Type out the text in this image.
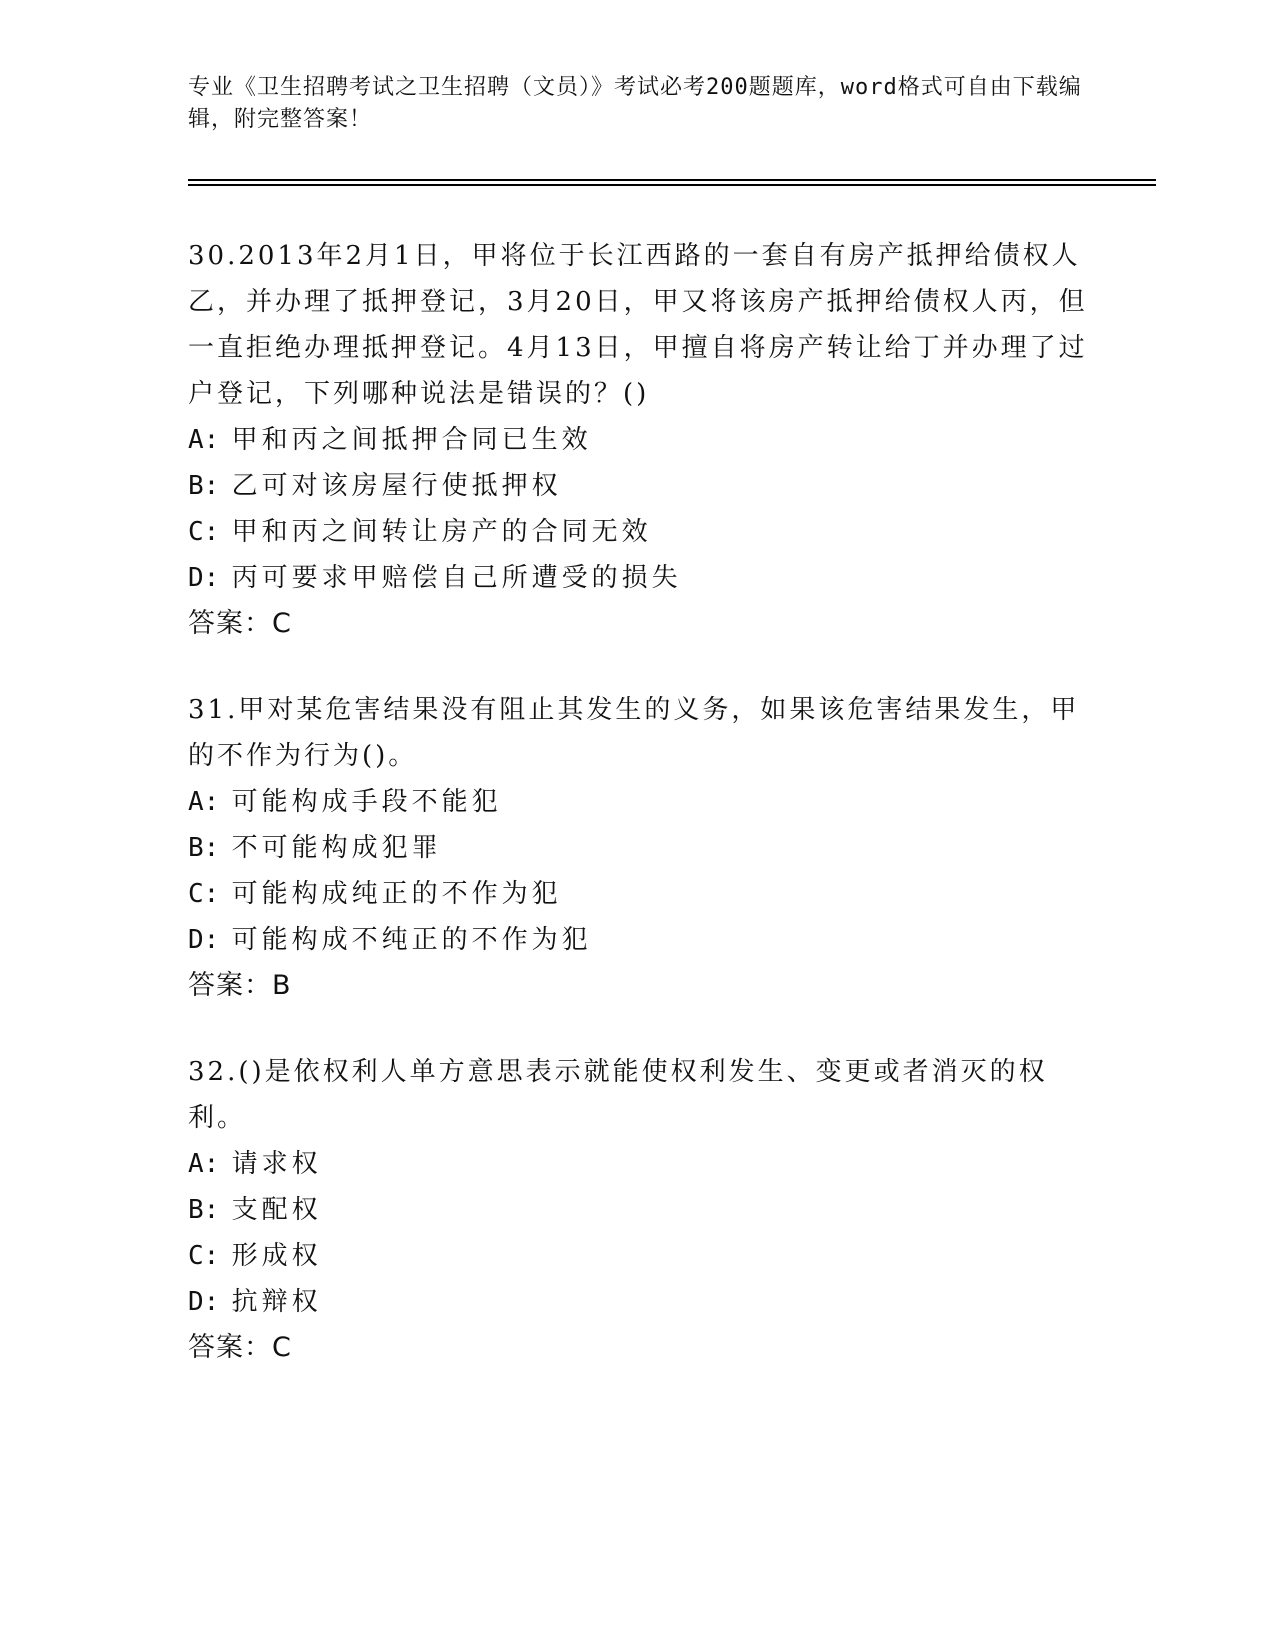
专业《卫生招聘考试之卫生招聘（文员）》考试必考200题题库，word格式可自由下载编辑，附完整答案！

30.2013年2月1日，甲将位于长江西路的一套自有房产抵押给债权人乙，并办理了抵押登记，3月20日，甲又将该房产抵押给债权人丙，但一直拒绝办理抵押登记。4月13日，甲擅自将房产转让给丁并办理了过户登记，下列哪种说法是错误的？()

A: 甲和丙之间抵押合同已生效

B: 乙可对该房屋行使抵押权

C: 甲和丙之间转让房产的合同无效

D: 丙可要求甲赔偿自己所遭受的损失

答案：C

31.甲对某危害结果没有阻止其发生的义务，如果该危害结果发生，甲的不作为行为()。

A: 可能构成手段不能犯

B: 不可能构成犯罪

C: 可能构成纯正的不作为犯

D: 可能构成不纯正的不作为犯

答案：B

32.()是依权利人单方意思表示就能使权利发生、变更或者消灭的权利。

A: 请求权

B: 支配权

C: 形成权

D: 抗辩权

答案：C
